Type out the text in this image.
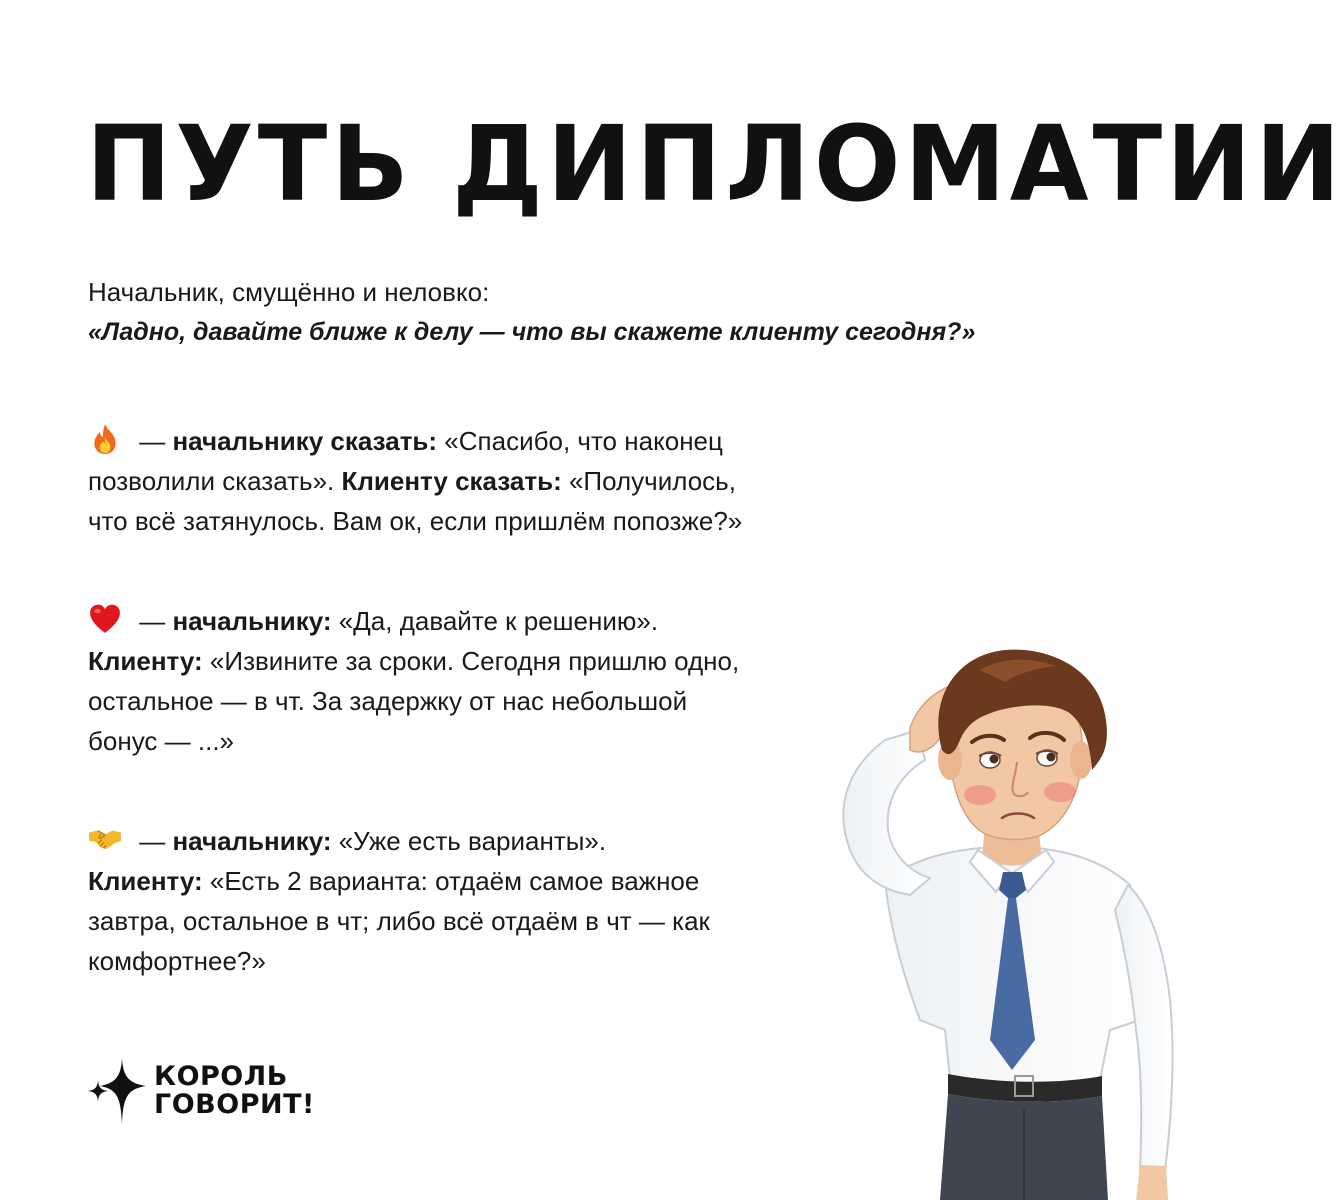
ПУТЬ ДИПЛОМАТИИ
Начальник, смущённо и неловко:
«Ладно, давайте ближе к делу — что вы скажете клиенту сегодня?»
— начальнику сказать: «Спасибо, что наконец
позволили сказать». Клиенту сказать: «Получилось,
что всё затянулось. Вам ок, если пришлём попозже?»
— начальнику: «Да, давайте к решению».
Клиенту: «Извините за сроки. Сегодня пришлю одно,
остальное — в чт. За задержку от нас небольшой
бонус — ...»
— начальнику: «Уже есть варианты».
Клиенту: «Есть 2 варианта: отдаём самое важное
завтра, остальное в чт; либо всё отдаём в чт — как
комфортнее?»
КОРОЛЬ
ГОВОРИТ!
